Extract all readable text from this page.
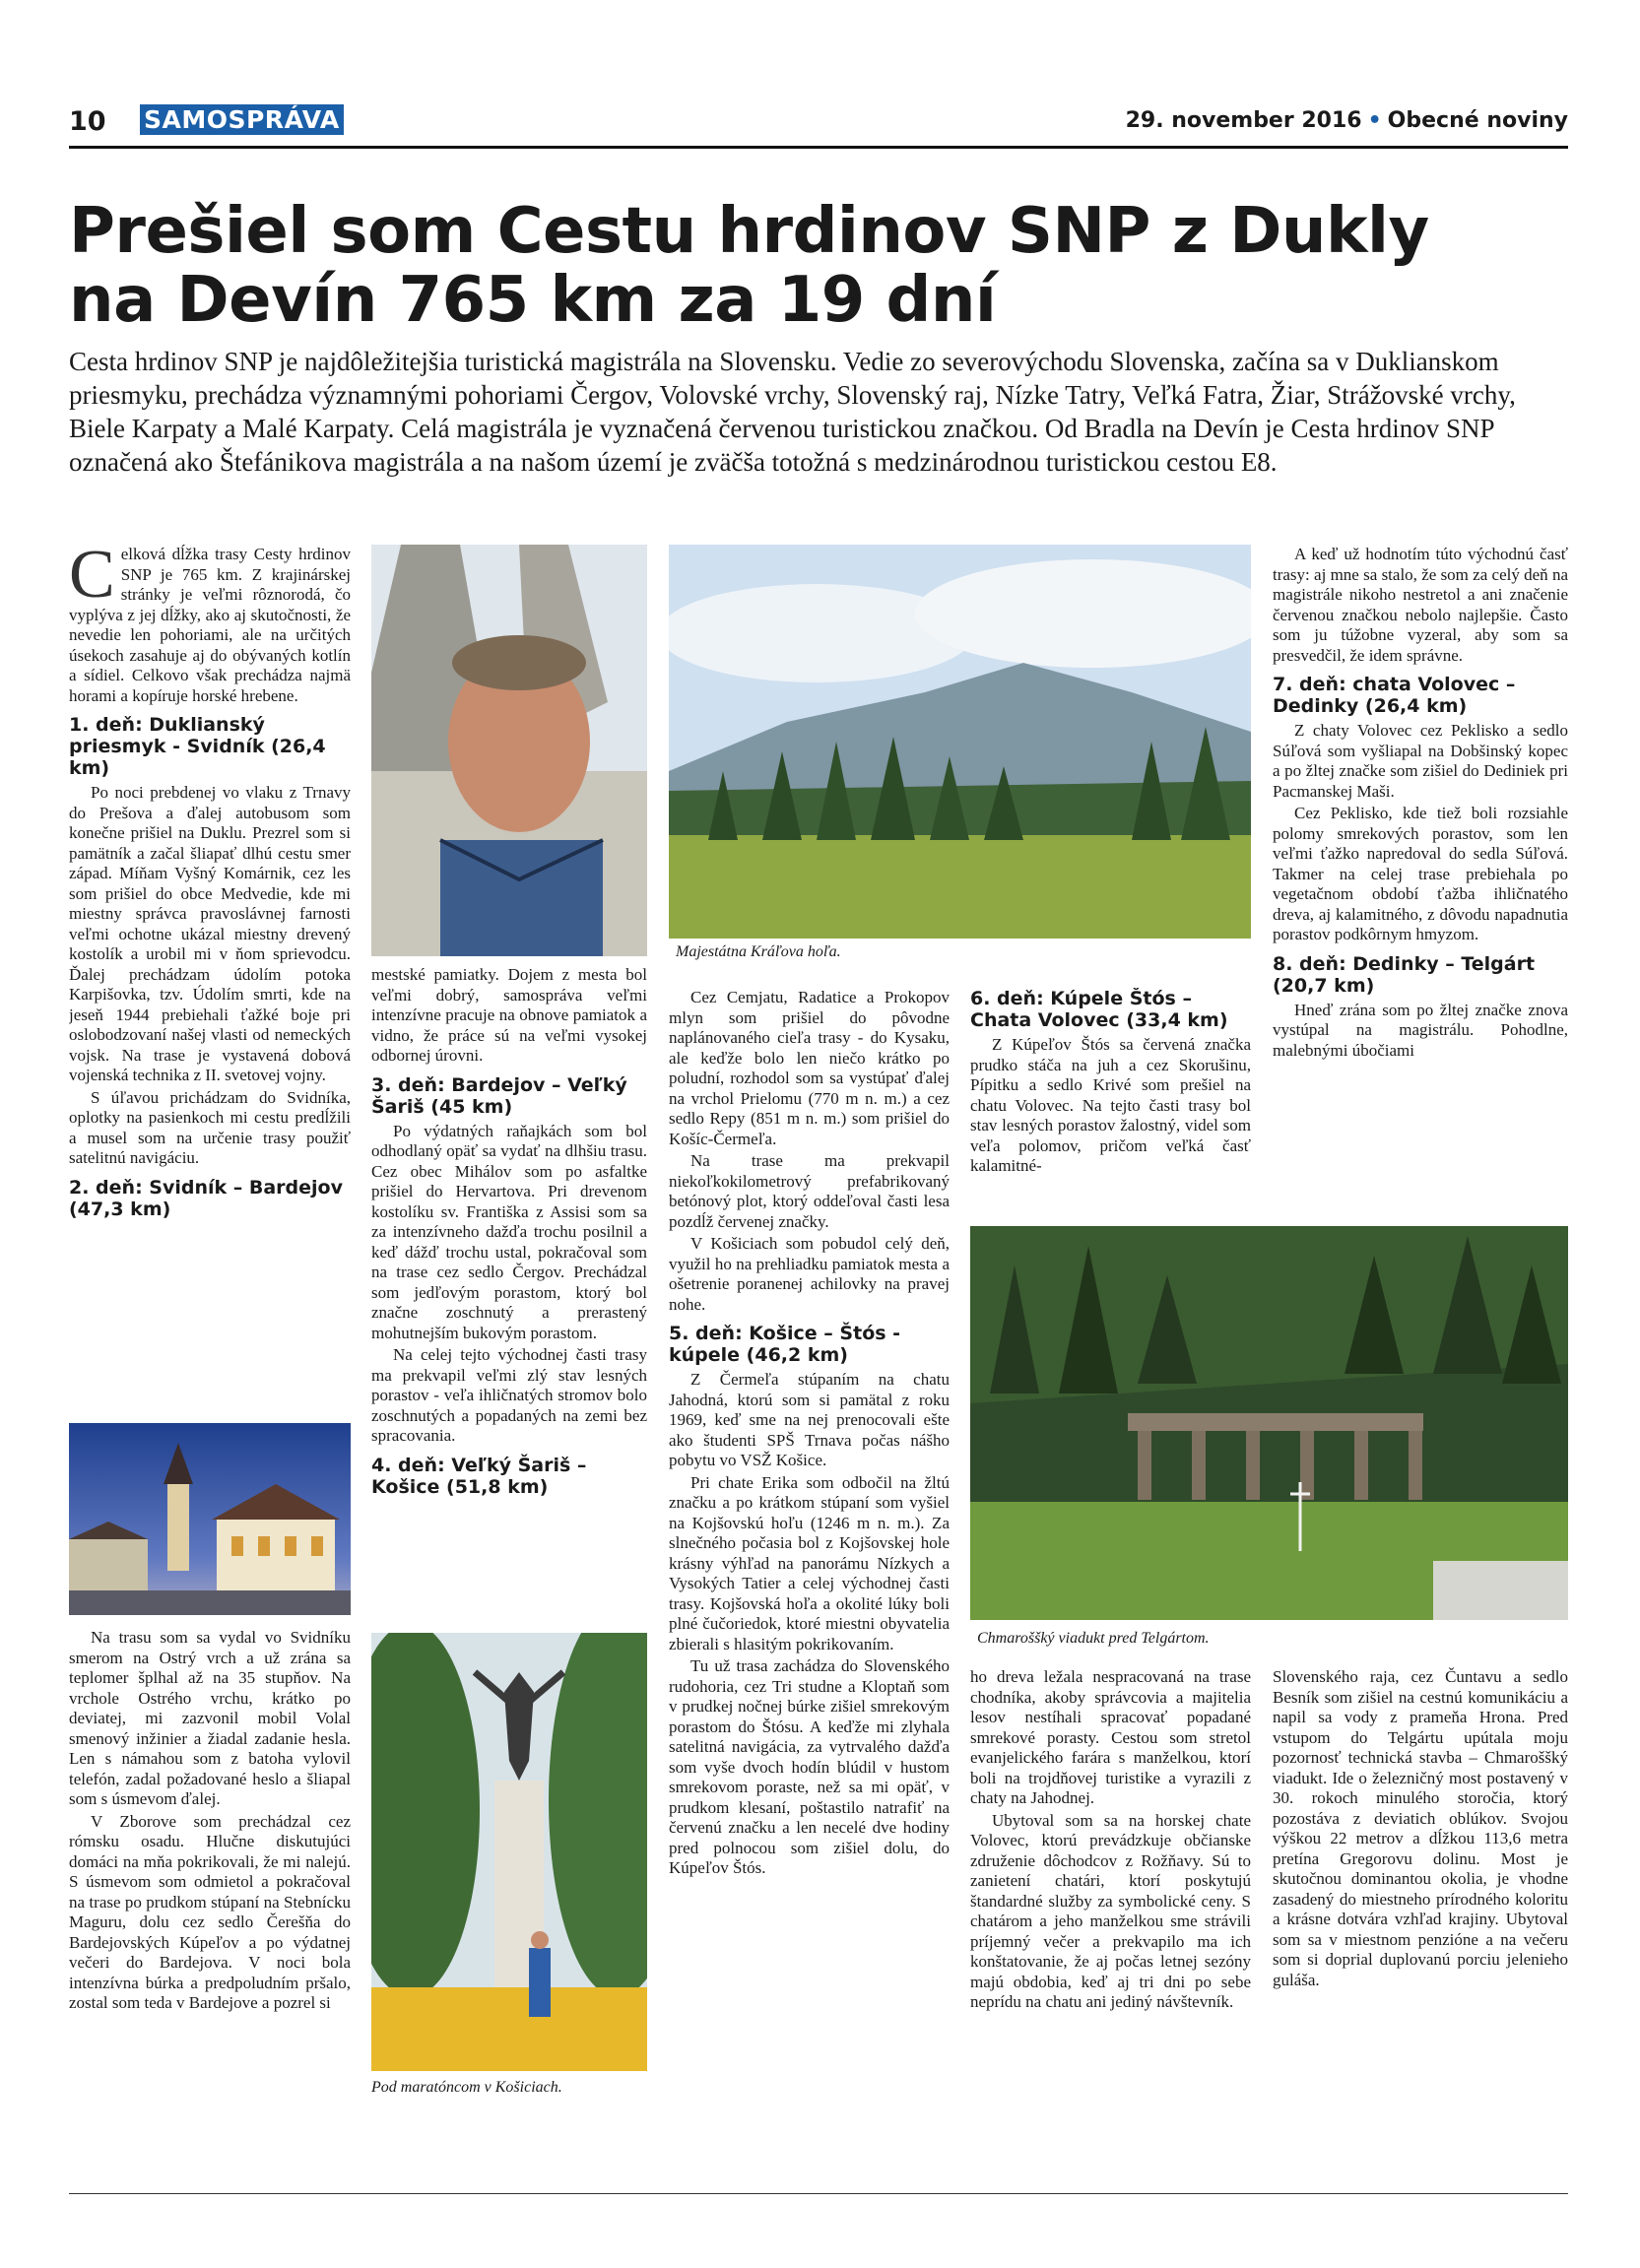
10 SAMOSPRÁVA	29. november 2016 • Obecné noviny
Prešiel som Cestu hrdinov SNP z Dukly
na Devín 765 km za 19 dní
Cesta hrdinov SNP je najdôležitejšia turistická magistrála na Slovensku. Vedie zo severovýchodu Slovenska, začína sa v Duklianskom priesmyku, prechádza významnými pohoriami Čergov, Volovské vrchy, Slovenský raj, Nízke Tatry, Veľká Fatra, Žiar, Strážovské vrchy, Biele Karpaty a Malé Karpaty. Celá magistrála je vyznačená červenou turistickou značkou. Od Bradla na Devín je Cesta hrdinov SNP označená ako Štefánikova magistrála a na našom území je zväčša totožná s medzinárodnou turistickou cestou E8.

Celková dĺžka trasy Cesty hrdinov SNP je 765 km. Z krajinárskej stránky je veľmi rôznorodá, čo vyplýva z jej dĺžky, ako aj skutočnosti, že nevedie len pohoriami, ale na určitých úsekoch zasahuje aj do obývaných kotlín a sídiel. Celkovo však prechádza najmä horami a kopíruje horské hrebene.

1. deň: Duklianský priesmyk - Svidník (26,4 km)

Po noci prebdenej vo vlaku z Trnavy do Prešova a ďalej autobusom som konečne prišiel na Duklu. Prezrel som si pamätník a začal šliapať dlhú cestu smer západ. Míňam Vyšný Komárnik, cez les som prišiel do obce Medvedie, kde mi miestny správca pravoslávnej farnosti veľmi ochotne ukázal miestny drevený kostolík a urobil mi v ňom sprievodcu. Ďalej prechádzam údolím potoka Karpišovka, tzv. Údolím smrti, kde na jeseň 1944 prebiehali ťažké boje pri oslobodzovaní našej vlasti od nemeckých vojsk. Na trase je vystavená dobová vojenská technika z II. svetovej vojny.

S úľavou prichádzam do Svidníka, oplotky na pasienkoch mi cestu predĺžili a musel som na určenie trasy použiť satelitnú navigáciu.

2. deň: Svidník – Bardejov (47,3 km)

Na trasu som sa vydal vo Svidníku smerom na Ostrý vrch a už zrána sa teplomer šplhal až na 35 stupňov. Na vrchole Ostrého vrchu, krátko po deviatej, mi zazvonil mobil Volal smenový inžinier a žiadal zadanie hesla. Len s námahou som z batoha vylovil telefón, zadal požadované heslo a šliapal som s úsmevom ďalej.

V Zborove som prechádzal cez rómsku osadu. Hlučne diskutujúci domáci na mňa pokrikovali, že mi nalejú. S úsmevom som odmietol a pokračoval na trase po prudkom stúpaní na Stebnícku Maguru, dolu cez sedlo Čerešňa do Bardejovských Kúpeľov a po výdatnej večeri do Bardejova. V noci bola intenzívna búrka a predpoludním pršalo, zostal som teda v Bardejove a pozrel si

mestské pamiatky. Dojem z mesta bol veľmi dobrý, samospráva veľmi intenzívne pracuje na obnove pamiatok a vidno, že práce sú na veľmi vysokej odbornej úrovni.

3. deň: Bardejov – Veľký Šariš (45 km)

Po výdatných raňajkách som bol odhodlaný opäť sa vydať na dlhšiu trasu. Cez obec Mihálov som po asfaltke prišiel do Hervartova. Pri drevenom kostolíku sv. Františka z Assisi som sa za intenzívneho dažďa trochu posilnil a keď dážď trochu ustal, pokračoval som na trase cez sedlo Čergov. Prechádzal som jedľovým porastom, ktorý bol značne zoschnutý a prerastený mohutnejším bukovým porastom.

Na celej tejto východnej časti trasy ma prekvapil veľmi zlý stav lesných porastov - veľa ihličnatých stromov bolo zoschnutých a popadaných na zemi bez spracovania.

4. deň: Veľký Šariš – Košice (51,8 km)
Pod maratóncom v Košiciach.
Majestátna Kráľova hoľa.

Cez Cemjatu, Radatice a Prokopov mlyn som prišiel do pôvodne naplánovaného cieľa trasy - do Kysaku, ale keďže bolo len niečo krátko po poludní, rozhodol som sa vystúpať ďalej na vrchol Prielomu (770 m n. m.) a cez sedlo Repy (851 m n. m.) som prišiel do Košíc-Čermeľa.

Na trase ma prekvapil niekoľkokilometrový prefabrikovaný betónový plot, ktorý oddeľoval časti lesa pozdĺž červenej značky.

V Košiciach som pobudol celý deň, využil ho na prehliadku pamiatok mesta a ošetrenie poranenej achilovky na pravej nohe.

5. deň: Košice – Štós -kúpele (46,2 km)

Z Čermeľa stúpaním na chatu Jahodná, ktorú som si pamätal z roku 1969, keď sme na nej prenocovali ešte ako študenti SPŠ Trnava počas nášho pobytu vo VSŽ Košice.

Pri chate Erika som odbočil na žltú značku a po krátkom stúpaní som vyšiel na Kojšovskú hoľu (1246 m n. m.). Za slnečného počasia bol z Kojšovskej hole krásny výhľad na panorámu Nízkych a Vysokých Tatier a celej východnej časti trasy. Kojšovská hoľa a okolité lúky boli plné čučoriedok, ktoré miestni obyvatelia zbierali s hlasitým pokrikovaním.

Tu už trasa zachádza do Slovenského rudohoria, cez Tri studne a Kloptaň som v prudkej nočnej búrke zišiel smrekovým porastom do Štósu. A keďže mi zlyhala satelitná navigácia, za vytrvalého dažďa som vyše dvoch hodín blúdil v hustom smrekovom poraste, než sa mi opäť, v prudkom klesaní, poštastilo natrafiť na červenú značku a len necelé dve hodiny pred polnocou som zišiel dolu, do Kúpeľov Štós.

6. deň: Kúpele Štós – Chata Volovec (33,4 km)

Z Kúpeľov Štós sa červená značka prudko stáča na juh a cez Skorušinu, Pípitku a sedlo Krivé som prešiel na chatu Volovec. Na tejto časti trasy bol stav lesných porastov žalostný, videl som veľa polomov, pričom veľká časť kalamitné-

A keď už hodnotím túto východnú časť trasy: aj mne sa stalo, že som za celý deň na magistrále nikoho nestretol a ani značenie červenou značkou nebolo najlepšie. Často som ju túžobne vyzeral, aby som sa presvedčil, že idem správne.

7. deň: chata Volovec – Dedinky (26,4 km)

Z chaty Volovec cez Peklisko a sedlo Súľová som vyšliapal na Dobšinský kopec a po žltej značke som zišiel do Dediniek pri Pacmanskej Maši.

Cez Peklisko, kde tiež boli rozsiahle polomy smrekových porastov, som len veľmi ťažko napredoval do sedla Súľová. Takmer na celej trase prebiehala po vegetačnom období ťažba ihličnatého dreva, aj kalamitného, z dôvodu napadnutia porastov podkôrnym hmyzom.

8. deň: Dedinky – Telgárt (20,7 km)

Hneď zrána som po žltej značke znova vystúpal na magistrálu. Pohodlne, malebnými úbočiami

Chmaroššký viadukt pred Telgártom.

ho dreva ležala nespracovaná na trase chodníka, akoby správcovia a majitelia lesov nestíhali spracovať popadané smrekové porasty. Cestou som stretol evanjelického farára s manželkou, ktorí boli na trojdňovej turistike a vyrazili z chaty na Jahodnej.

Ubytoval som sa na horskej chate Volovec, ktorú prevádzkuje občianske združenie dôchodcov z Rožňavy. Sú to zanietení chatári, ktorí poskytujú štandardné služby za symbolické ceny. S chatárom a jeho manželkou sme strávili príjemný večer a prekvapilo ma ich konštatovanie, že aj počas letnej sezóny majú obdobia, keď aj tri dni po sebe neprídu na chatu ani jediný návštevník.

Slovenského raja, cez Čuntavu a sedlo Besník som zišiel na cestnú komunikáciu a napil sa vody z prameňa Hrona. Pred vstupom do Telgártu upútala moju pozornosť technická stavba – Chmaroššký viadukt. Ide o železničný most postavený v 30. rokoch minulého storočia, ktorý pozostáva z deviatich oblúkov. Svojou výškou 22 metrov a dĺžkou 113,6 metra pretína Gregorovu dolinu. Most je skutočnou dominantou okolia, je vhodne zasadený do miestneho prírodného koloritu a krásne dotvára vzhľad krajiny. Ubytoval som sa v miestnom penzióne a na večeru som si doprial duplovanú porciu jelenieho guláša.
